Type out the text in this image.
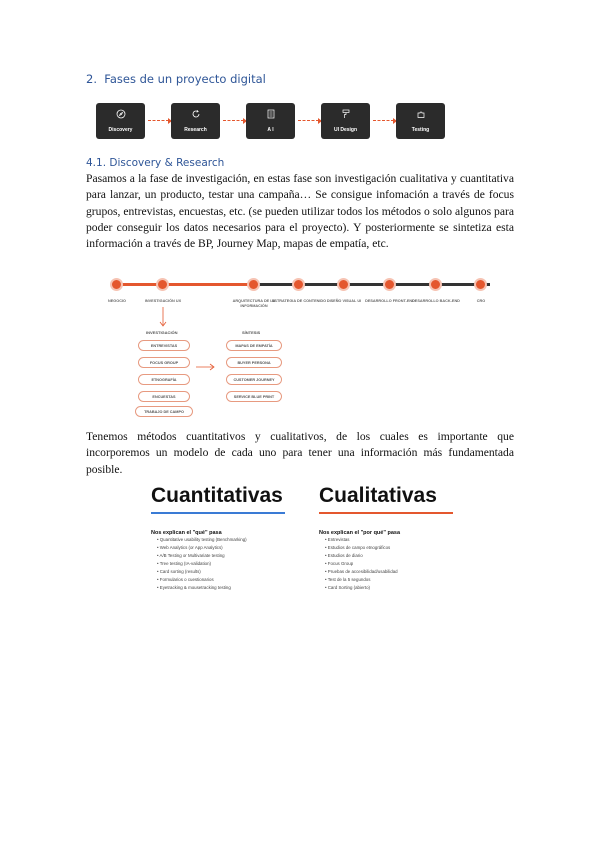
2. Fases de un proyecto digital
Discovery	Research	A I	UI Design	Testing
4.1. Discovery & Research
Pasamos a la fase de investigación, en estas fase son investigación cualitativa y cuantitativa para lanzar, un producto, testar una campaña… Se consigue infomación a través de focus grupos, entrevistas, encuestas, etc. (se pueden utilizar todos los métodos o solo algunos para poder conseguir los datos necesarios para el proyecto). Y posteriormente se sintetiza esta información a través de BP, Journey Map, mapas de empatía, etc.
NEGOCIO	INVESTIGACIÓN UX	ARQUITECTURA DE LA INFORMACIÓN
ESTRATEGIA DE CONTENIDO DISEÑO VISUAL UI	DESARROLLO FRONT-END
DESARROLLO BACK-END	CRO
INVESTIGACIÓN
ENTREVISTAS
FOCUS GROUP
ETNOGRAFÍA
ENCUESTAS
TRABAJO DE CAMPO
SÍNTESIS
MAPAS DE EMPATÍA
BUYER PERSONA
CUSTOMER JOURNEY
SERVICE BLUE PRINT
Tenemos métodos cuantitativos y cualitativos, de los cuales es importante que incorporemos un modelo de cada uno para tener una información más fundamentada posible.
Cuantitativas
Nos explican el "qué" pasa
• Quantitative usability testing (Benchmarking)
• Web Analytics (or App Analytics)
• A/B Testing or Multivariate testing
• Tree testing (IA-validation)
• Card sorting (results)
• Formularios o cuestionarios
• Eyetracking & mousetracking testing
Cualitativas
Nos explican el "por qué" pasa
• Entrevistas
• Estudios de campo etnográficos
• Estudios de diario
• Focus Group
• Pruebas de accesibilidad/usabilidad
• Test de la 5 segundos
• Card Sorting (abierto)
